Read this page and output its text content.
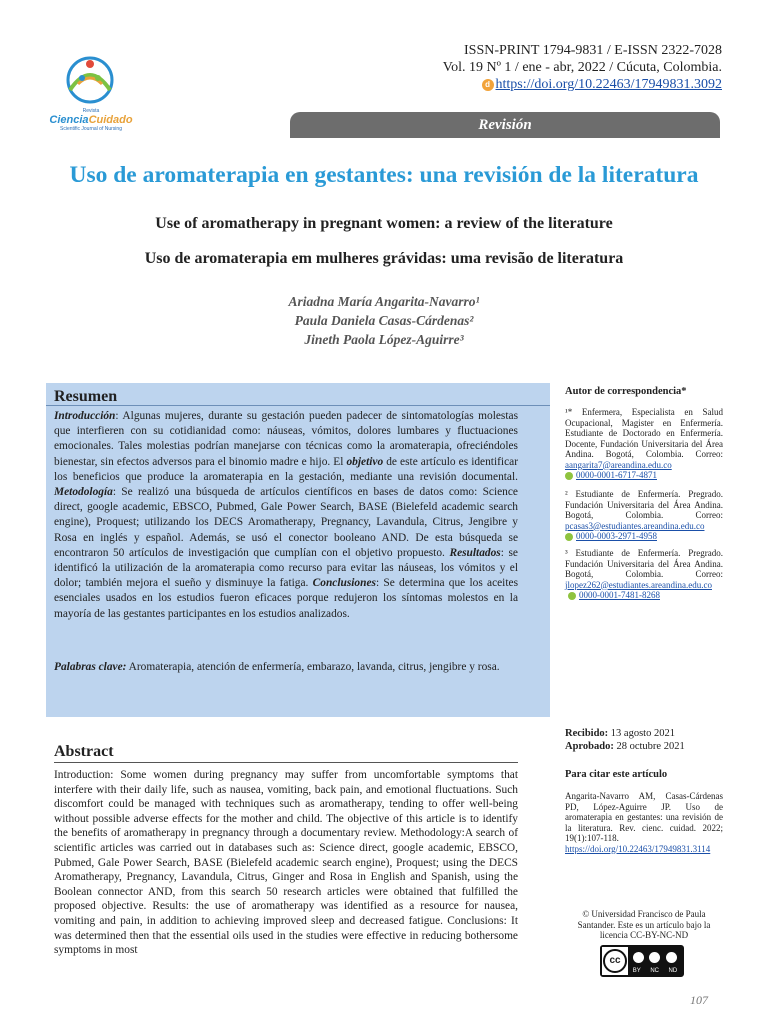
Revista
CienciaCuidado
Scientific Journal of Nursing
ISSN-PRINT 1794-9831 / E-ISSN 2322-7028
Vol. 19 Nº 1 / ene - abr, 2022 / Cúcuta, Colombia.
d https://doi.org/10.22463/17949831.3092
Revisión
Uso de aromaterapia en gestantes: una revisión de la literatura
Use of aromatherapy in pregnant women: a review of the literature
Uso de aromaterapia em mulheres grávidas: uma revisão de literatura
Ariadna María Angarita-Navarro¹
Paula Daniela Casas-Cárdenas²
Jineth Paola López-Aguirre³
Resumen
Introducción: Algunas mujeres, durante su gestación pueden padecer de sintomatologías molestas que interfieren con su cotidianidad como: náuseas, vómitos, dolores lumbares y fluctuaciones emocionales. Tales molestias podrían manejarse con técnicas como la aromaterapia, ofreciéndoles bienestar, sin efectos adversos para el binomio madre e hijo. El objetivo de este artículo es identificar los beneficios que produce la aromaterapia en la gestación, mediante una revisión documental. Metodología: Se realizó una búsqueda de artículos científicos en bases de datos como: Science direct, google academic, EBSCO, Pubmed, Gale Power Search, BASE (Bielefeld academic search engine), Proquest; utilizando los DECS Aromatherapy, Pregnancy, Lavandula, Citrus, Jengibre y Rosa en inglés y español. Además, se usó el conector booleano AND. De esta búsqueda se encontraron 50 artículos de investigación que cumplían con el objetivo propuesto. Resultados: se identificó la utilización de la aromaterapia como recurso para evitar las náuseas, los vómitos y el dolor; también mejora el sueño y disminuye la fatiga. Conclusiones: Se determina que los aceites esenciales usados en los estudios fueron eficaces porque redujeron los síntomas molestos en la mayoría de las gestantes participantes en los estudios analizados.
Palabras clave: Aromaterapia, atención de enfermería, embarazo, lavanda, citrus, jengibre y rosa.
Abstract
Introduction: Some women during pregnancy may suffer from uncomfortable symptoms that interfere with their daily life, such as nausea, vomiting, back pain, and emotional fluctuations. Such discomfort could be managed with techniques such as aromatherapy, tending to offer well-being without possible adverse effects for the mother and child. The objective of this article is to identify the benefits of aromatherapy in pregnancy through a documentary review. Methodology:A search of scientific articles was carried out in databases such as: Science direct, google academic, EBSCO, Pubmed, Gale Power Search, BASE (Bielefeld academic search engine), Proquest; using the DECS Aromatherapy, Pregnancy, Lavandula, Citrus, Ginger and Rosa in English and Spanish, using the Boolean connector AND, from this search 50 research articles were obtained that fulfilled the proposed objective. Results: the use of aromatherapy was identified as a resource for nausea, vomiting and pain, in addition to achieving improved sleep and decreased fatigue. Conclusions: It was determined then that the essential oils used in the studies were effective in reducing bothersome symptoms in most
Autor de correspondencia*
¹* Enfermera, Especialista en Salud Ocupacional, Magister en Enfermería. Estudiante de Doctorado en Enfermería. Docente, Fundación Universitaria del Área Andina. Bogotá, Colombia. Correo: aangarita7@areandina.edu.co
0000-0001-6717-4871
² Estudiante de Enfermería. Pregrado. Fundación Universitaria del Área Andina. Bogotá, Colombia. Correo: pcasas3@estudiantes.areandina.edu.co
0000-0003-2971-4958
³ Estudiante de Enfermería. Pregrado. Fundación Universitaria del Área Andina. Bogotá, Colombia. Correo: jlopez262@estudiantes.areandina.edu.co0000-0001-7481-8268
Recibido: 13 agosto 2021
Aprobado: 28 octubre 2021
Para citar este artículo
Angarita-Navarro AM, Casas-Cárdenas PD, López-Aguirre JP. Uso de aromaterapia en gestantes: una revisión de la literatura. Rev. cienc. cuidad. 2022; 19(1):107-118. https://doi.org/10.22463/17949831.3114
© Universidad Francisco de Paula Santander. Este es un artículo bajo la licencia CC-BY-NC-ND
cc
BY NC ND
107
